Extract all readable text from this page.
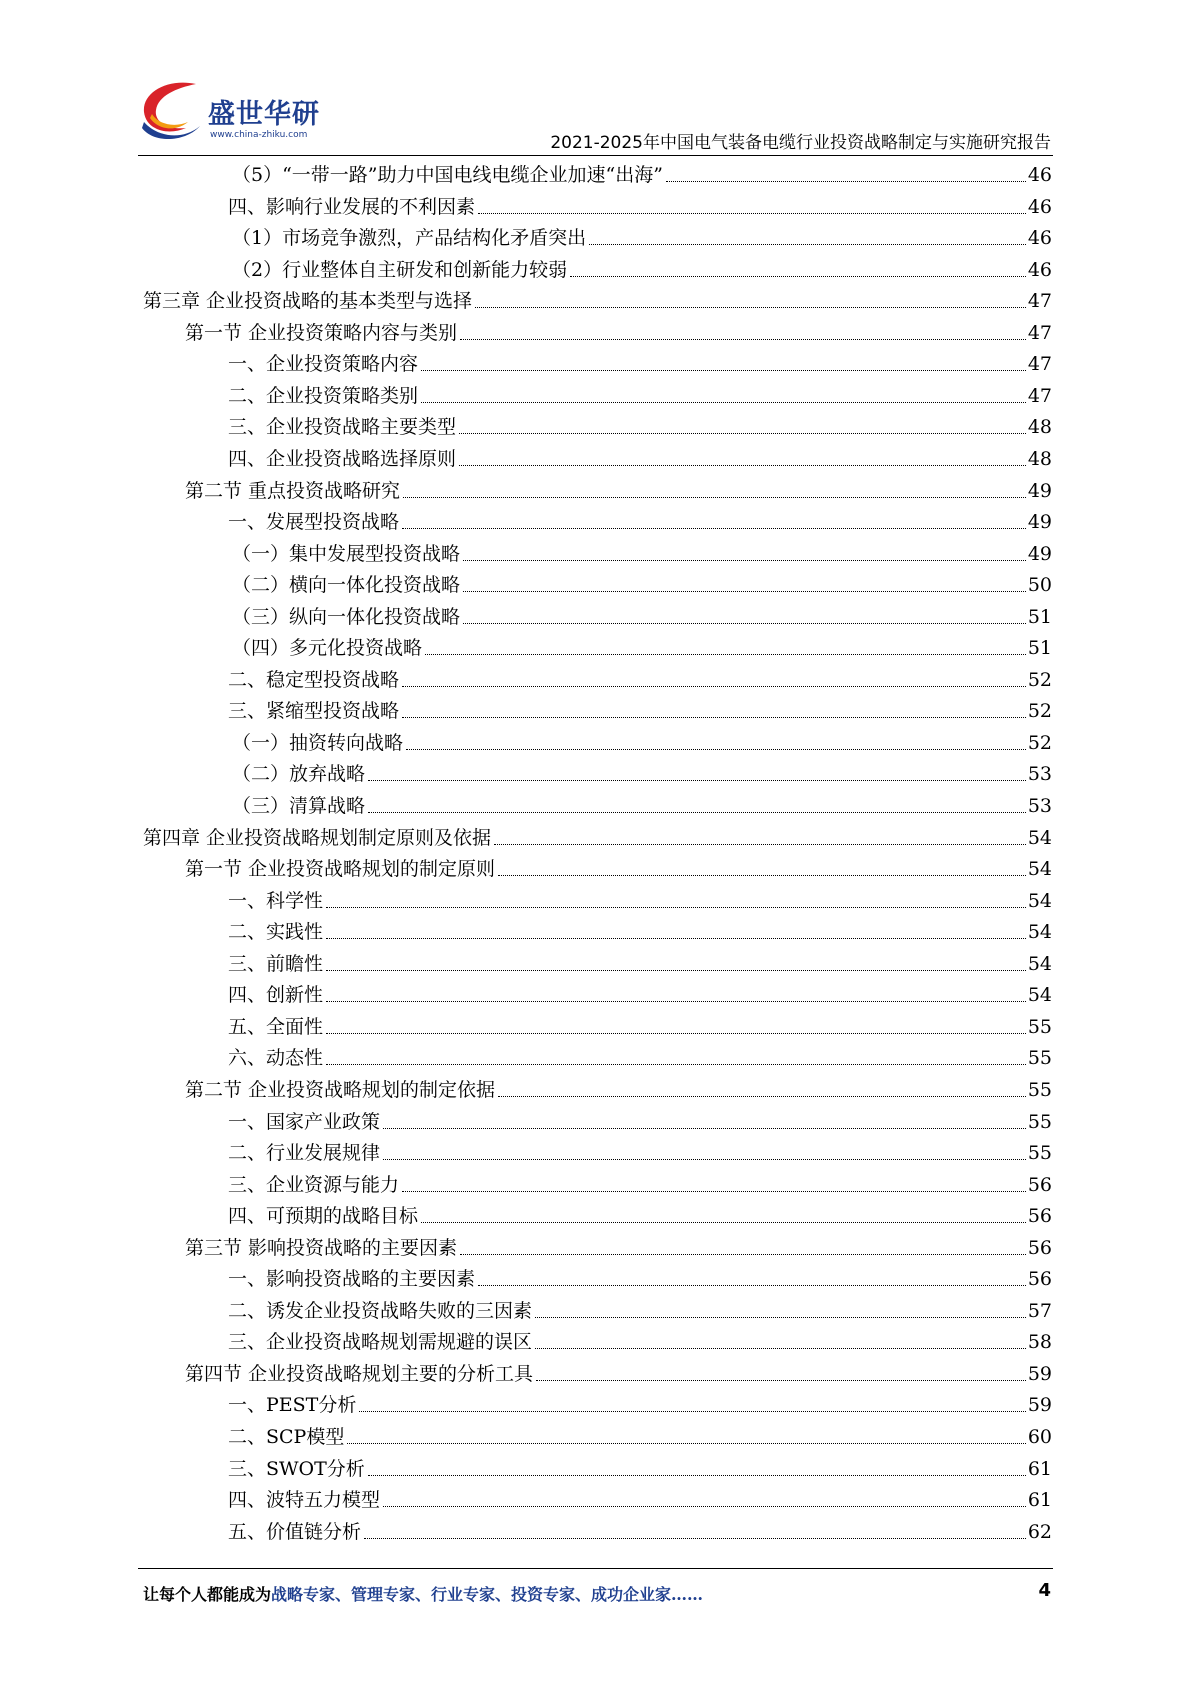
盛世华研
www.china-zhiku.com	2021-2025年中国电气装备电缆行业投资战略制定与实施研究报告
（5）“一带一路”助力中国电线电缆企业加速“出海”	46
四、影响行业发展的不利因素	46
（1）市场竞争激烈，产品结构化矛盾突出	46
（2）行业整体自主研发和创新能力较弱	46
第三章 企业投资战略的基本类型与选择	47
第一节 企业投资策略内容与类别	47
一、企业投资策略内容	47
二、企业投资策略类别	47
三、企业投资战略主要类型	48
四、企业投资战略选择原则	48
第二节 重点投资战略研究	49
一、发展型投资战略	49
（一）集中发展型投资战略	49
（二）横向一体化投资战略	50
（三）纵向一体化投资战略	51
（四）多元化投资战略	51
二、稳定型投资战略	52
三、紧缩型投资战略	52
（一）抽资转向战略	52
（二）放弃战略	53
（三）清算战略	53
第四章 企业投资战略规划制定原则及依据	54
第一节 企业投资战略规划的制定原则	54
一、科学性	54
二、实践性	54
三、前瞻性	54
四、创新性	54
五、全面性	55
六、动态性	55
第二节 企业投资战略规划的制定依据	55
一、国家产业政策	55
二、行业发展规律	55
三、企业资源与能力	56
四、可预期的战略目标	56
第三节 影响投资战略的主要因素	56
一、影响投资战略的主要因素	56
二、诱发企业投资战略失败的三因素	57
三、企业投资战略规划需规避的误区	58
第四节 企业投资战略规划主要的分析工具	59
一、PEST分析	59
二、SCP模型	60
三、SWOT分析	61
四、波特五力模型	61
五、价值链分析	62
让每个人都能成为战略专家、管理专家、行业专家、投资专家、成功企业家……	4
